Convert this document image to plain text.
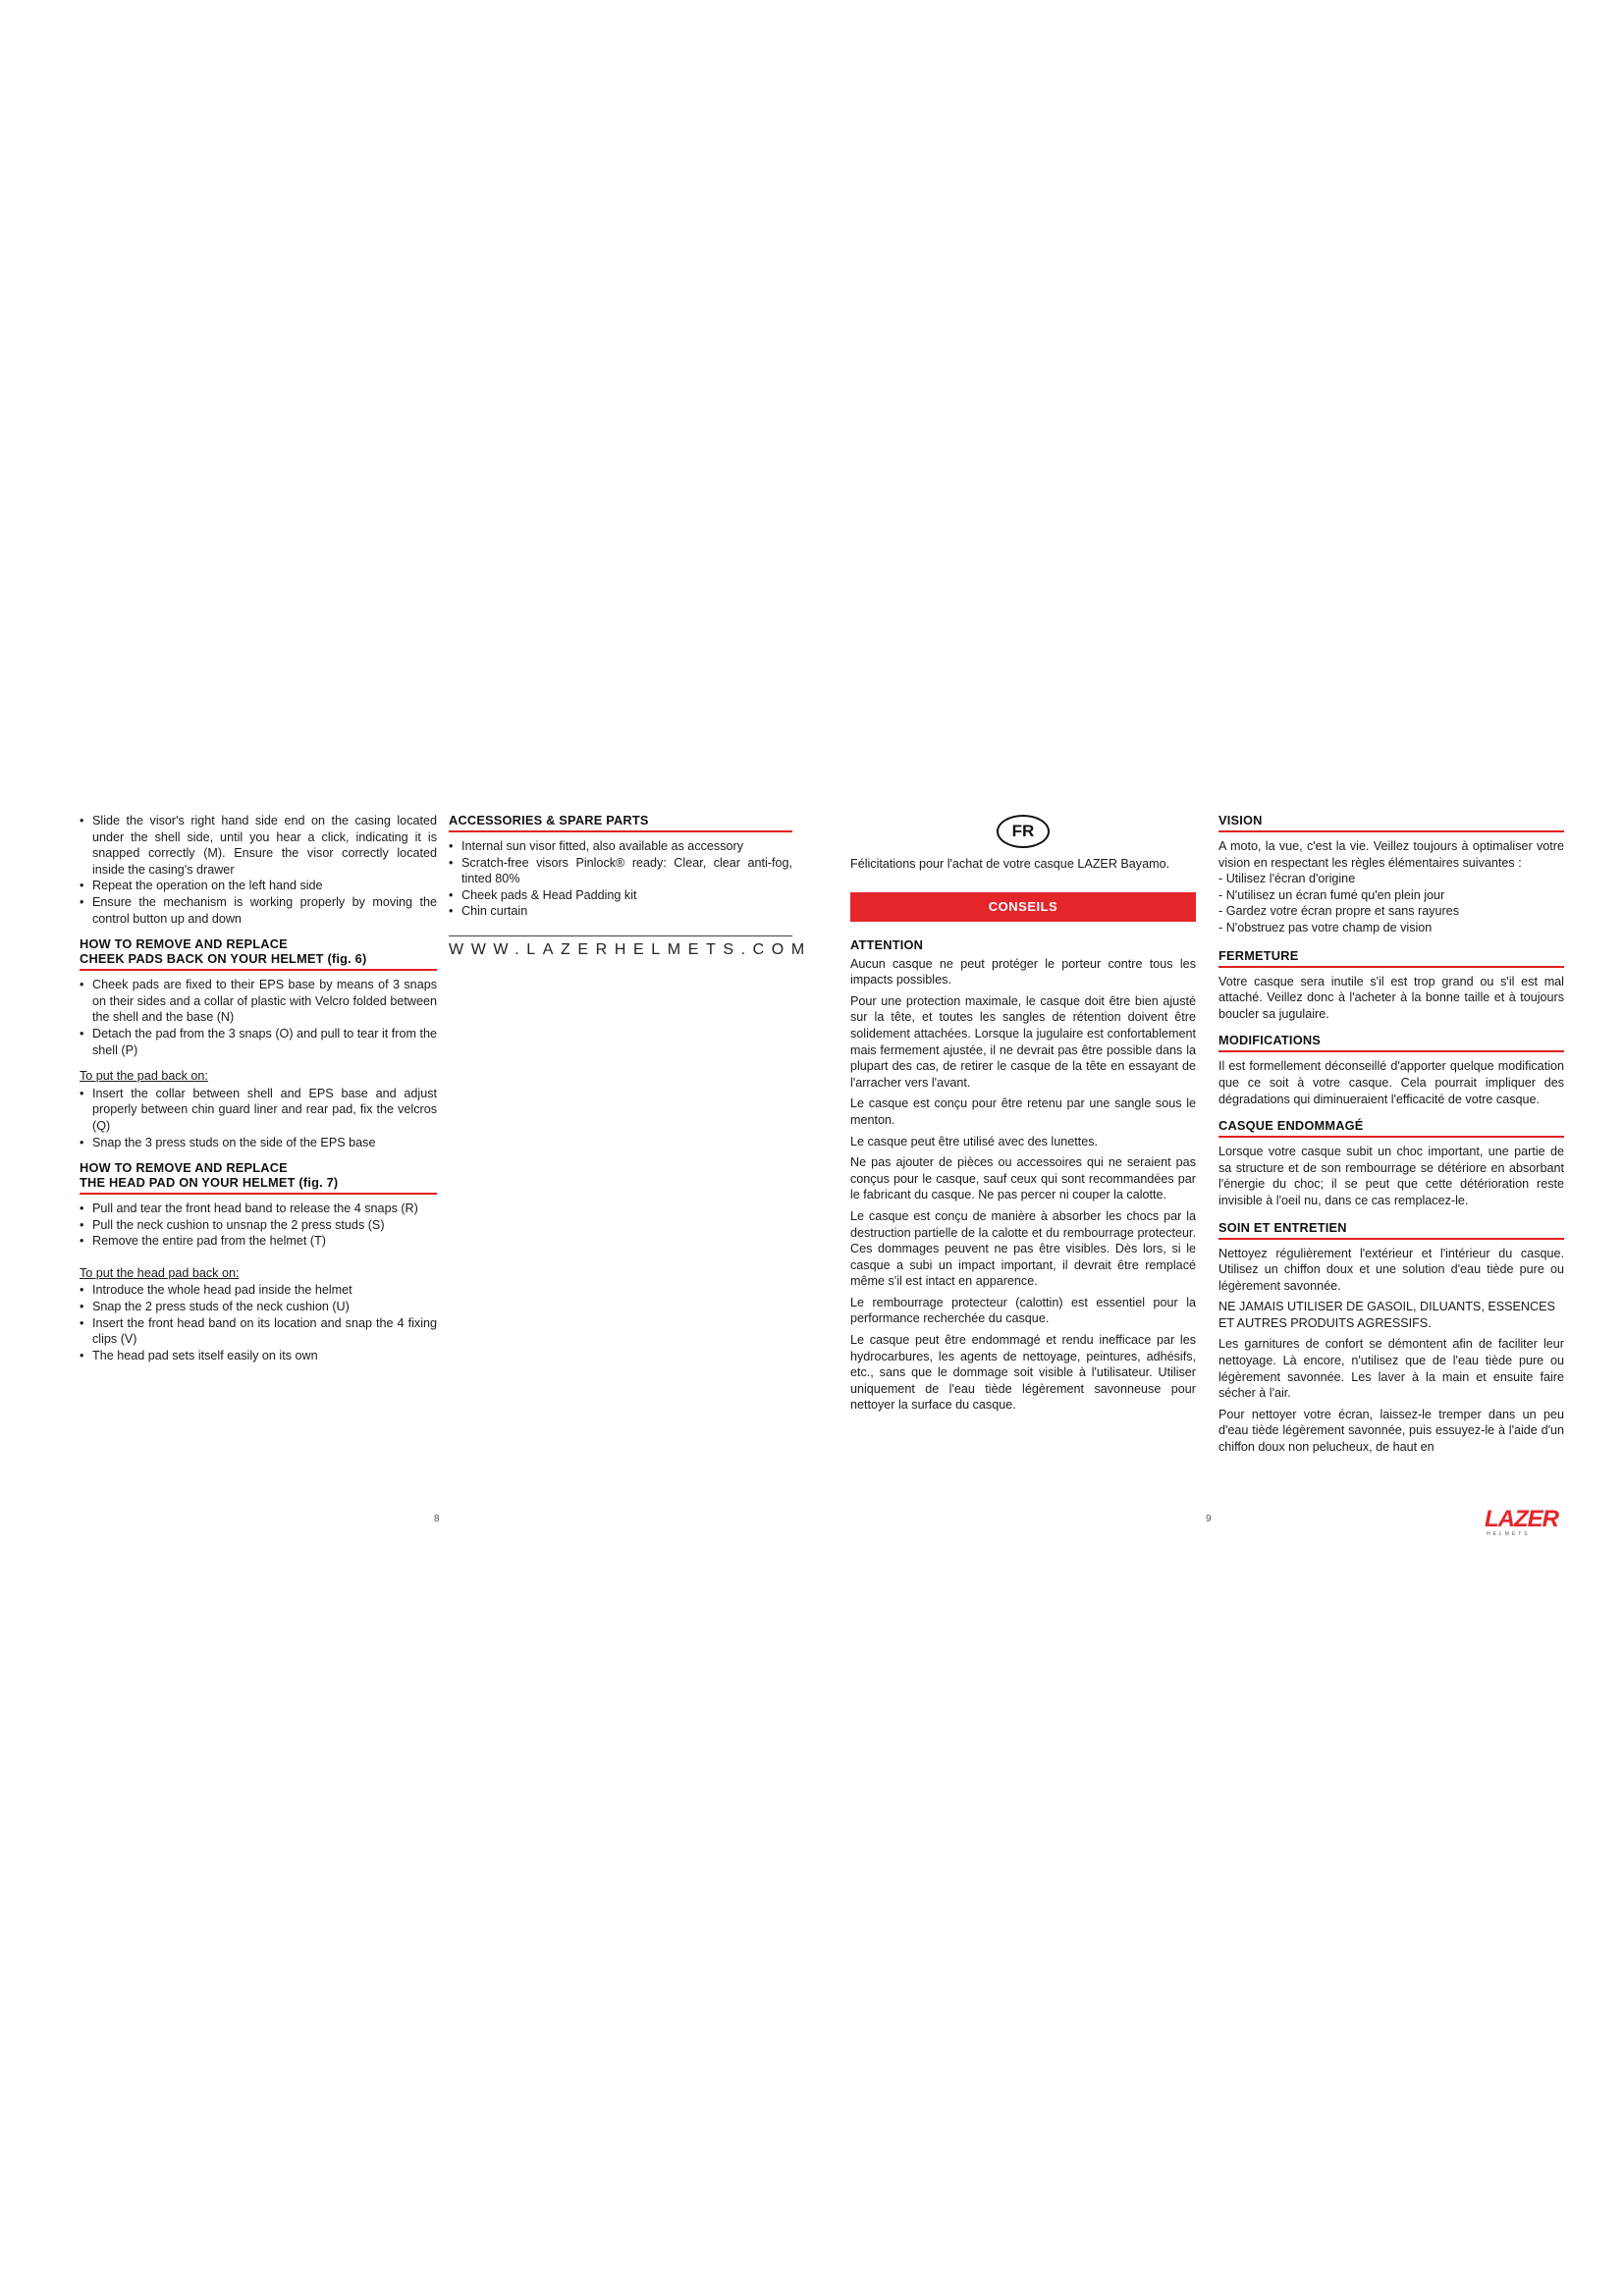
• Slide the visor's right hand side end on the casing located under the shell side, until you hear a click, indicating it is snapped correctly (M). Ensure the visor correctly located inside the casing's drawer
• Repeat the operation on the left hand side
• Ensure the mechanism is working properly by moving the control button up and down
HOW TO REMOVE AND REPLACE
CHEEK PADS BACK ON YOUR HELMET (fig. 6)
• Cheek pads are fixed to their EPS base by means of 3 snaps on their sides and a collar of plastic with Velcro folded between the shell and the base (N)
• Detach the pad from the 3 snaps (O) and pull to tear it from the shell (P)

To put the pad back on:

• Insert the collar between shell and EPS base and adjust properly between chin guard liner and rear pad, fix the velcros (Q)
• Snap the 3 press studs on the side of the EPS base
HOW TO REMOVE AND REPLACE
THE HEAD PAD ON YOUR HELMET (fig. 7)
• Pull and tear the front head band to release the 4 snaps (R)
• Pull the neck cushion to unsnap the 2 press studs (S)
• Remove the entire pad from the helmet (T)

To put the head pad back on:

• Introduce the whole head pad inside the helmet
• Snap the 2 press studs of the neck cushion (U)
• Insert the front head band on its location and snap the 4 fixing clips (V)
• The head pad sets itself easily on its own
ACCESSORIES & SPARE PARTS
• Internal sun visor fitted, also available as accessory
• Scratch-free visors Pinlock® ready: Clear, clear anti-fog, tinted 80%
• Cheek pads & Head Padding kit
• Chin curtain
WWW.LAZERHELMETS.COM
8
FR

Félicitations pour l'achat de votre casque LAZER Bayamo.

CONSEILS
ATTENTION

Aucun casque ne peut protéger le porteur contre tous les impacts possibles.

Pour une protection maximale, le casque doit être bien ajusté sur la tête, et toutes les sangles de rétention doivent être solidement attachées. Lorsque la jugulaire est confortablement mais fermement ajustée, il ne devrait pas être possible dans la plupart des cas, de retirer le casque de la tête en essayant de l'arracher vers l'avant.

Le casque est conçu pour être retenu par une sangle sous le menton.

Le casque peut être utilisé avec des lunettes.

Ne pas ajouter de pièces ou accessoires qui ne seraient pas conçus pour le casque, sauf ceux qui sont recommandées par le fabricant du casque. Ne pas percer ni couper la calotte.

Le casque est conçu de manière à absorber les chocs par la destruction partielle de la calotte et du rembourrage protecteur. Ces dommages peuvent ne pas être visibles. Dès lors, si le casque a subi un impact important, il devrait être remplacé même s'il est intact en apparence.

Le rembourrage protecteur (calottin) est essentiel pour la performance recherchée du casque.

Le casque peut être endommagé et rendu inefficace par les hydrocarbures, les agents de nettoyage, peintures, adhésifs, etc., sans que le dommage soit visible à l'utilisateur. Utiliser uniquement de l'eau tiède légèrement savonneuse pour nettoyer la surface du casque.

VISION

A moto, la vue, c'est la vie. Veillez toujours à optimaliser votre vision en respectant les règles élémentaires suivantes :

- Utilisez l'écran d'origine
- N'utilisez un écran fumé qu'en plein jour
- Gardez votre écran propre et sans rayures
- N'obstruez pas votre champ de vision
FERMETURE

Votre casque sera inutile s'il est trop grand ou s'il est mal attaché. Veillez donc à l'acheter à la bonne taille et à toujours boucler sa jugulaire.

MODIFICATIONS

Il est formellement déconseillé d'apporter quelque modification que ce soit à votre casque. Cela pourrait impliquer des dégradations qui diminueraient l'efficacité de votre casque.

CASQUE ENDOMMAGÉ

Lorsque votre casque subit un choc important, une partie de sa structure et de son rembourrage se détériore en absorbant l'énergie du choc; il se peut que cette détérioration reste invisible à l'oeil nu, dans ce cas remplacez-le.

SOIN ET ENTRETIEN

Nettoyez régulièrement l'extérieur et l'intérieur du casque. Utilisez un chiffon doux et une solution d'eau tiède pure ou légèrement savonnée.

NE JAMAIS UTILISER DE GASOIL, DILUANTS, ESSENCES ET AUTRES PRODUITS AGRESSIFS.

Les garnitures de confort se démontent afin de faciliter leur nettoyage. Là encore, n'utilisez que de l'eau tiède pure ou légèrement savonnée. Les laver à la main et ensuite faire sécher à l'air.

Pour nettoyer votre écran, laissez-le tremper dans un peu d'eau tiède légèrement savonnée, puis essuyez-le à l'aide d'un chiffon doux non pelucheux, de haut en

9	LAZER
HELMETS
